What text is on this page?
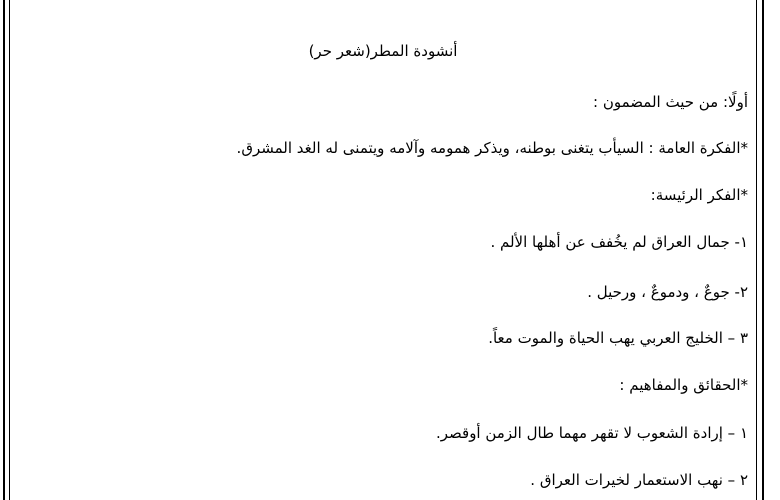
أنشودة المطر(شعر حر)
أولًا: من حيث المضمون :
*الفكرة العامة : السيأب يتغنى بوطنه، ويذكر همومه وآلامه ويتمنى له الغد المشرق.
*الفكر الرئيسة:
١- جمال العراق لم يخُفف عن أهلها الألم .
٢- جوعٌ ، ودموعٌ ، ورحيل .
٣ – الخليج العربي يهب الحياة والموت معاً.
*الحقائق والمفاهيم :
١ – إرادة الشعوب لا تقهر مهما طال الزمن أوقصر.
٢ – نهب الاستعمار لخيرات العراق .
